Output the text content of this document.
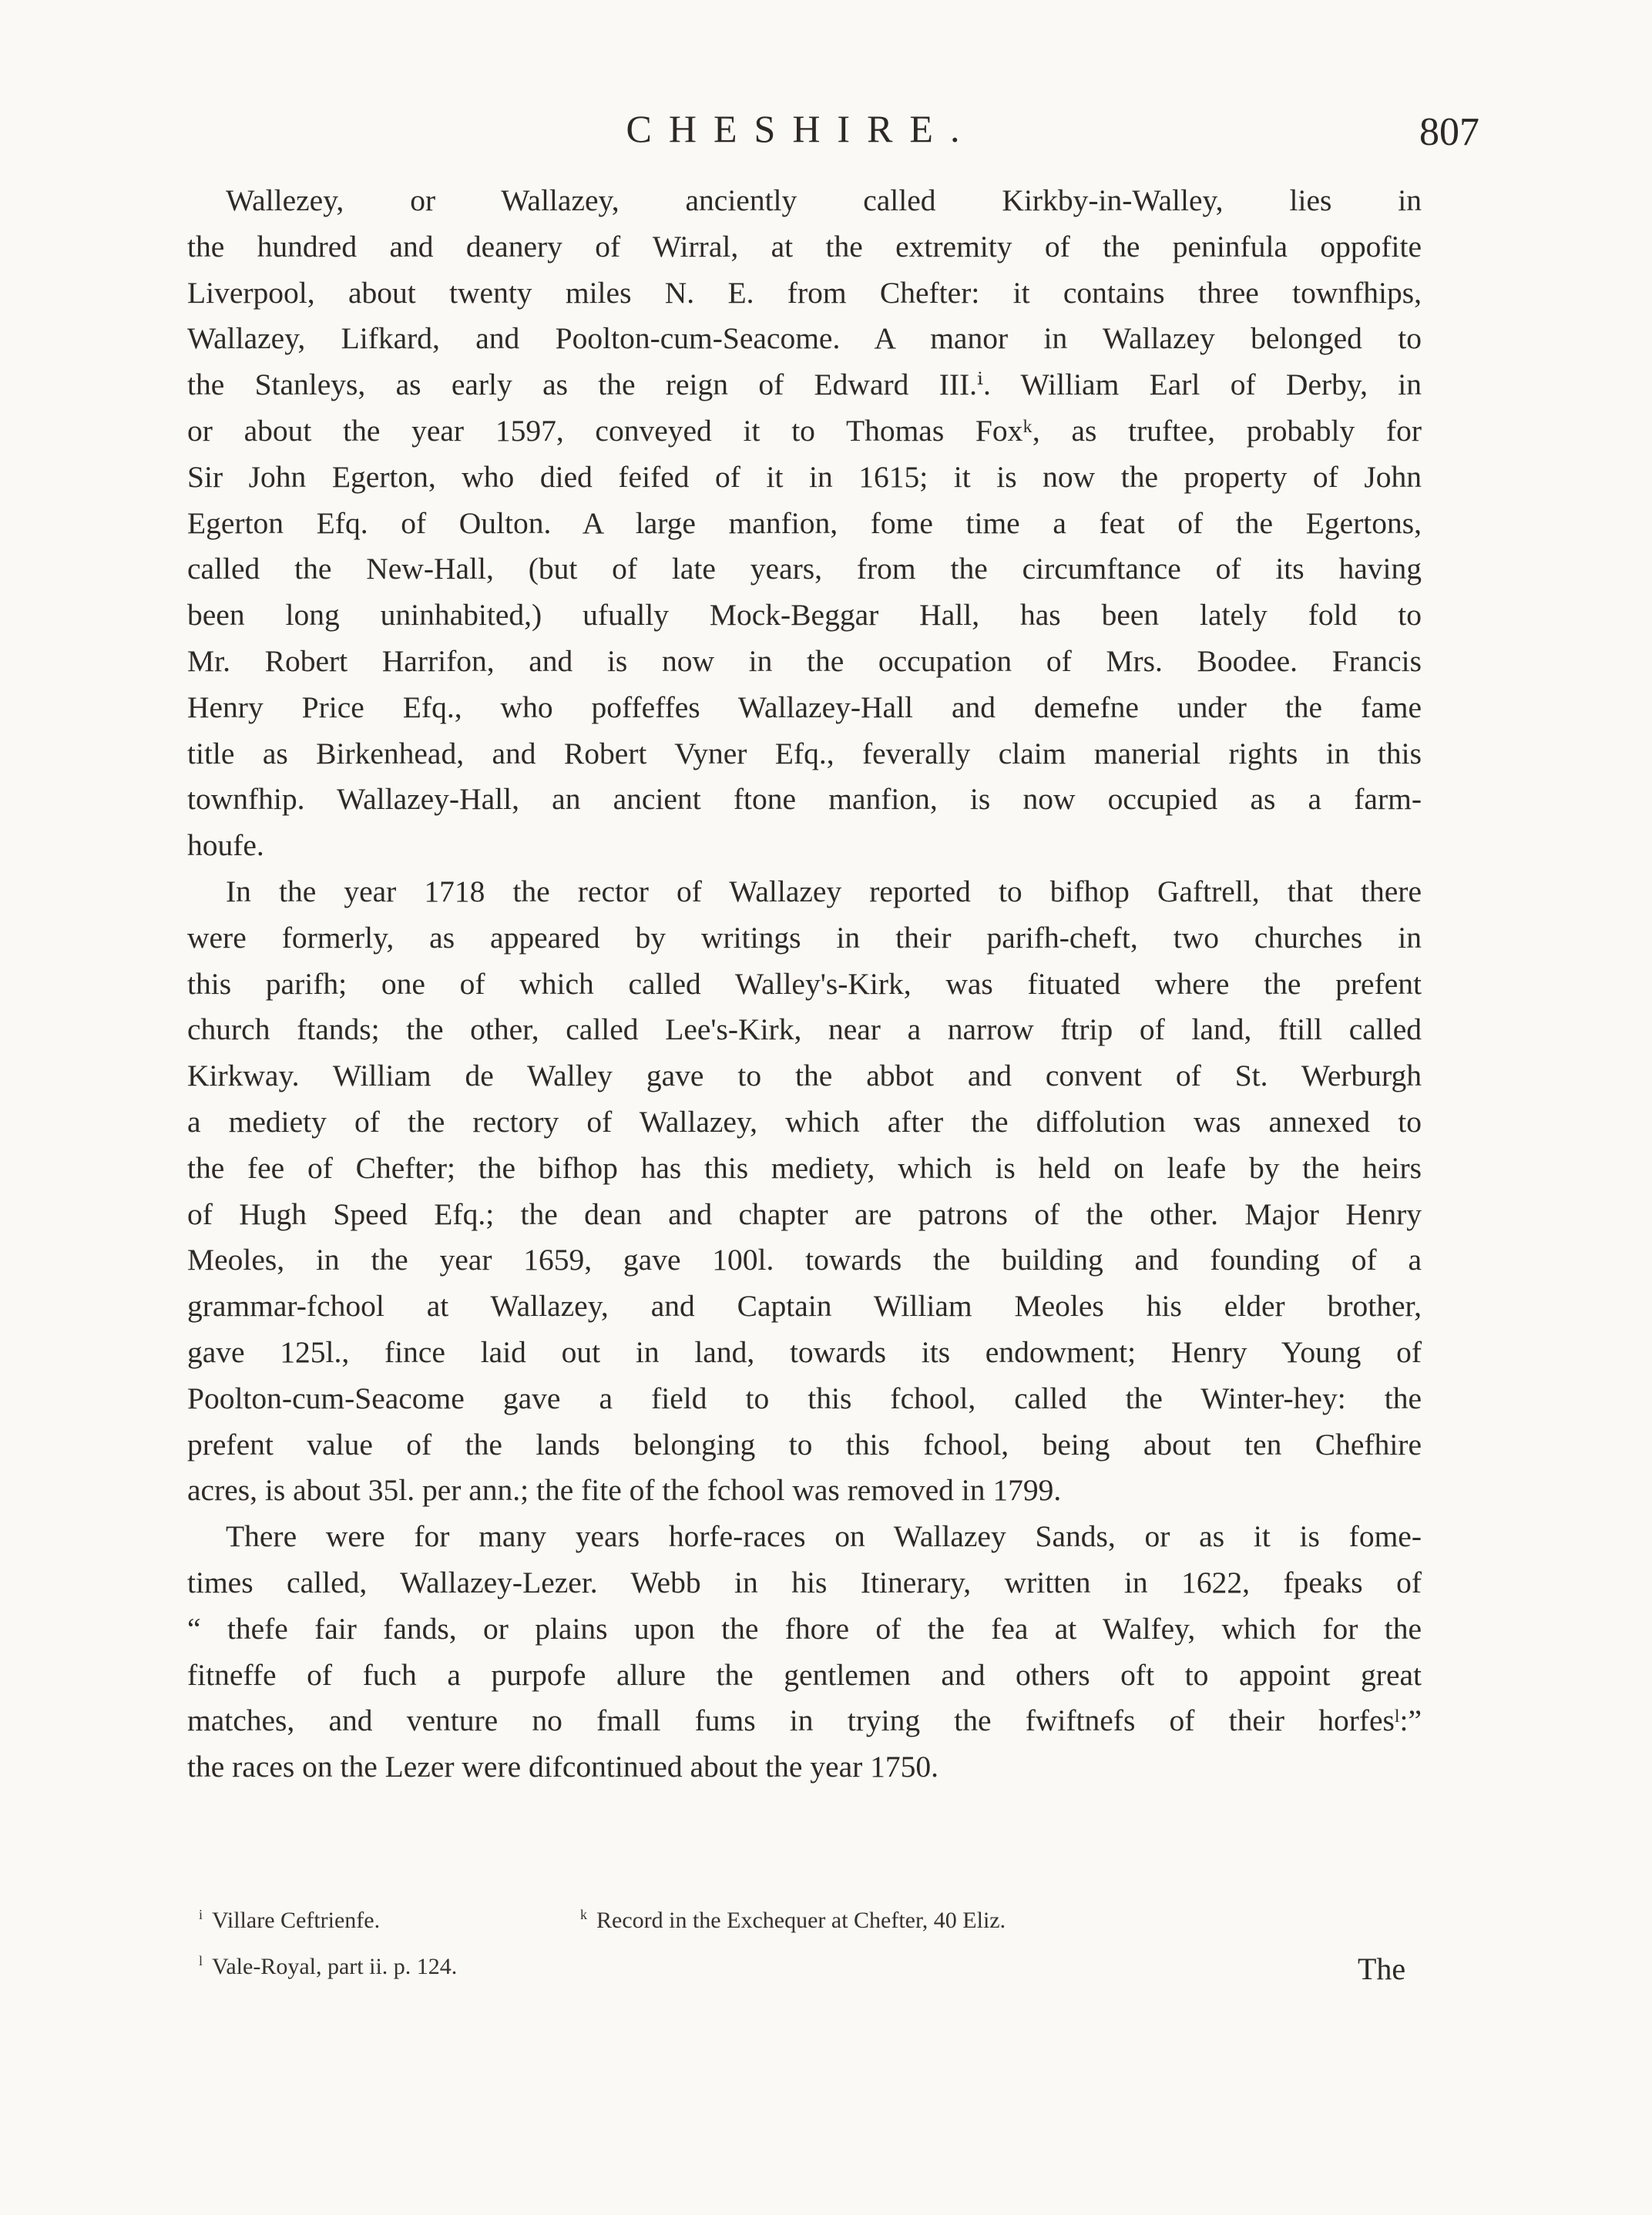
CHESHIRE.	807
Wallezey, or Wallazey, anciently called Kirkby-in-Walley, lies in
the hundred and deanery of Wirral, at the extremity of the peninfula oppofite
Liverpool, about twenty miles N. E. from Chefter: it contains three townfhips,
Wallazey, Lifkard, and Poolton-cum-Seacome. A manor in Wallazey belonged to
the Stanleys, as early as the reign of Edward III.ⁱ. William Earl of Derby, in
or about the year 1597, conveyed it to Thomas Foxᵏ, as truftee, probably for
Sir John Egerton, who died feifed of it in 1615; it is now the property of John
Egerton Efq. of Oulton. A large manfion, fome time a feat of the Egertons,
called the New-Hall, (but of late years, from the circumftance of its having
been long uninhabited,) ufually Mock-Beggar Hall, has been lately fold to
Mr. Robert Harrifon, and is now in the occupation of Mrs. Boodee. Francis
Henry Price Efq., who poffeffes Wallazey-Hall and demefne under the fame
title as Birkenhead, and Robert Vyner Efq., feverally claim manerial rights in this
townfhip. Wallazey-Hall, an ancient ftone manfion, is now occupied as a farm-
houfe.
In the year 1718 the rector of Wallazey reported to bifhop Gaftrell, that there
were formerly, as appeared by writings in their parifh-cheft, two churches in
this parifh; one of which called Walley's-Kirk, was fituated where the prefent
church ftands; the other, called Lee's-Kirk, near a narrow ftrip of land, ftill called
Kirkway. William de Walley gave to the abbot and convent of St. Werburgh
a mediety of the rectory of Wallazey, which after the diffolution was annexed to
the fee of Chefter; the bifhop has this mediety, which is held on leafe by the heirs
of Hugh Speed Efq.; the dean and chapter are patrons of the other. Major Henry
Meoles, in the year 1659, gave 100l. towards the building and founding of a
grammar-fchool at Wallazey, and Captain William Meoles his elder brother,
gave 125l., fince laid out in land, towards its endowment; Henry Young of
Poolton-cum-Seacome gave a field to this fchool, called the Winter-hey: the
prefent value of the lands belonging to this fchool, being about ten Chefhire
acres, is about 35l. per ann.; the fite of the fchool was removed in 1799.
There were for many years horfe-races on Wallazey Sands, or as it is fome-
times called, Wallazey-Lezer. Webb in his Itinerary, written in 1622, fpeaks of
“ thefe fair fands, or plains upon the fhore of the fea at Walfey, which for the
fitneffe of fuch a purpofe allure the gentlemen and others oft to appoint great
matches, and venture no fmall fums in trying the fwiftnefs of their horfesˡ:”
the races on the Lezer were difcontinued about the year 1750.
$^i$ Villare Ceftrienfe.	$^k$ Record in the Exchequer at Chefter, 40 Eliz.
$^l$ Vale-Royal, part ii. p. 124.	The
